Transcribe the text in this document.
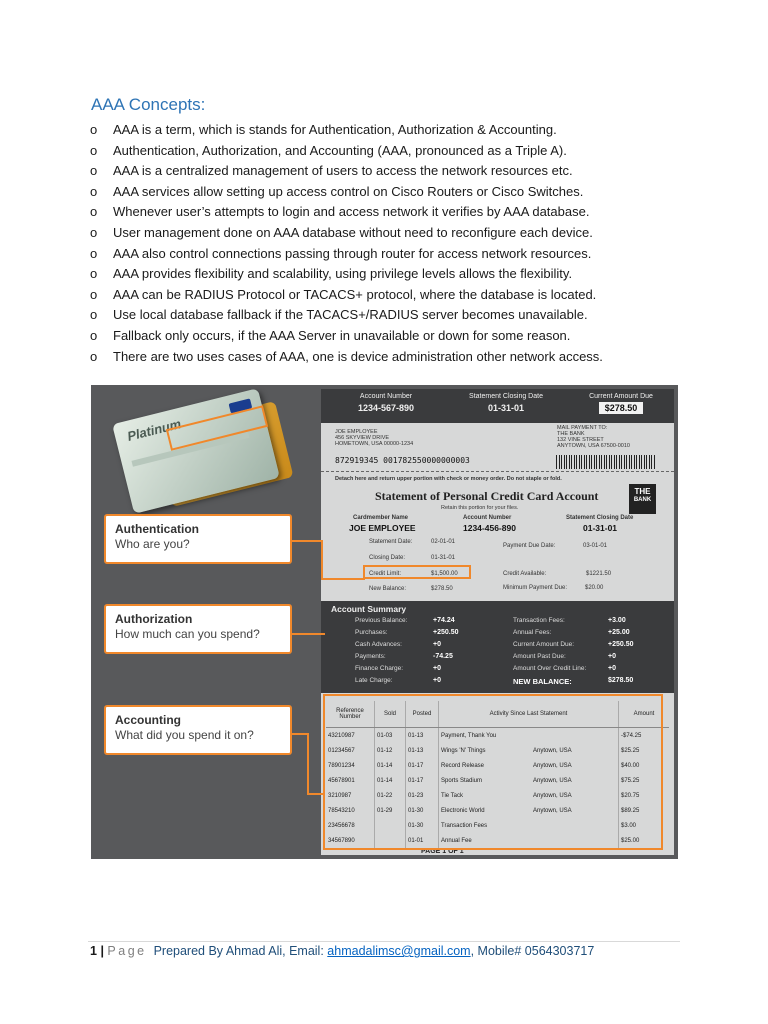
AAA Concepts:
o AAA is a term, which is stands for Authentication, Authorization & Accounting.
o Authentication, Authorization, and Accounting (AAA, pronounced as a Triple A).
o AAA is a centralized management of users to access the network resources etc.
o AAA services allow setting up access control on Cisco Routers or Cisco Switches.
o Whenever user’s attempts to login and access network it verifies by AAA database.
o User management done on AAA database without need to reconfigure each device.
o AAA also control connections passing through router for access network resources.
o AAA provides flexibility and scalability, using privilege levels allows the flexibility.
o AAA can be RADIUS Protocol or TACACS+ protocol, where the database is located.
o Use local database fallback if the TACACS+/RADIUS server becomes unavailable.
o Fallback only occurs, if the AAA Server in unavailable or down for some reason.
o There are two uses cases of AAA, one is device administration other network access.
Platinum
Account Number
1234-567-890
Statement Closing Date
01-31-01
Current Amount Due
$278.50
JOE EMPLOYEE
456 SKYVIEW DRIVE
HOMETOWN, USA 00000-1234
MAIL PAYMENT TO:
THE BANK
132 VINE STREET
ANYTOWN, USA 67500-0010
872919345 001782550000000003
Detach here and return upper portion with check or money order. Do not staple or fold.
Statement of Personal Credit Card Account
Retain this portion for your files.
THE
BANK
Cardmember Name
JOE EMPLOYEE
Account Number
1234-456-890
Statement Closing Date
01-31-01
Statement Date:	02-01-01
Closing Date:	01-31-01
Credit Limit:	$1,500.00
New Balance:	$278.50
Payment Due Date:	03-01-01
Credit Available:	$1221.50
Minimum Payment Due:	$20.00
Account Summary
Previous Balance:	+74.24
Purchases:	+250.50
Cash Advances:	+0
Payments:	-74.25
Finance Charge:	+0
Late Charge:	+0
Transaction Fees:	+3.00
Annual Fees:	+25.00
Current Amount Due:	+250.50
Amount Past Due:	+0
Amount Over Credit Line:	+0
NEW BALANCE:	$278.50
Reference Number	Sold	Posted	Activity Since Last Statement		Amount
43210987	01-03	01-13	Payment, Thank You		-$74.25
01234567	01-12	01-13	Wings 'N' Things	Anytown, USA	$25.25
78901234	01-14	01-17	Record Release	Anytown, USA	$40.00
45678901	01-14	01-17	Sports Stadium	Anytown, USA	$75.25
3210987	01-22	01-23	Tie Tack	Anytown, USA	$20.75
78543210	01-29	01-30	Electronic World	Anytown, USA	$89.25
23456678		01-30	Transaction Fees		$3.00
34567890		01-01	Annual Fee		$25.00
PAGE 1 OF 1
Authentication
Who are you?
Authorization
How much can you spend?
Accounting
What did you spend it on?
1 | Page Prepared By Ahmad Ali, Email: ahmadalimsc@gmail.com, Mobile# 0564303717
